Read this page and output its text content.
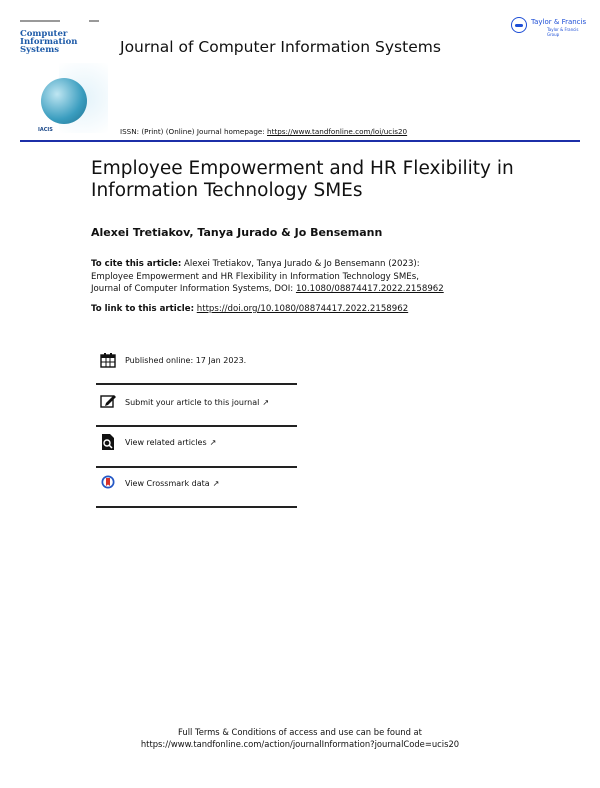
Computer
Information
Systems
IACIS
Taylor & Francis
Taylor & Francis Group
Journal of Computer Information Systems
ISSN: (Print) (Online) Journal homepage: https://www.tandfonline.com/loi/ucis20
Employee Empowerment and HR Flexibility in Information Technology SMEs
Alexei Tretiakov, Tanya Jurado & Jo Bensemann
To cite this article: Alexei Tretiakov, Tanya Jurado & Jo Bensemann (2023): Employee Empowerment and HR Flexibility in Information Technology SMEs, Journal of Computer Information Systems, DOI: 10.1080/08874417.2022.2158962
To link to this article: https://doi.org/10.1080/08874417.2022.2158962
Published online: 17 Jan 2023.
Submit your article to this journal ↗
View related articles ↗
View Crossmark data ↗
Full Terms & Conditions of access and use can be found at
https://www.tandfonline.com/action/journalInformation?journalCode=ucis20
